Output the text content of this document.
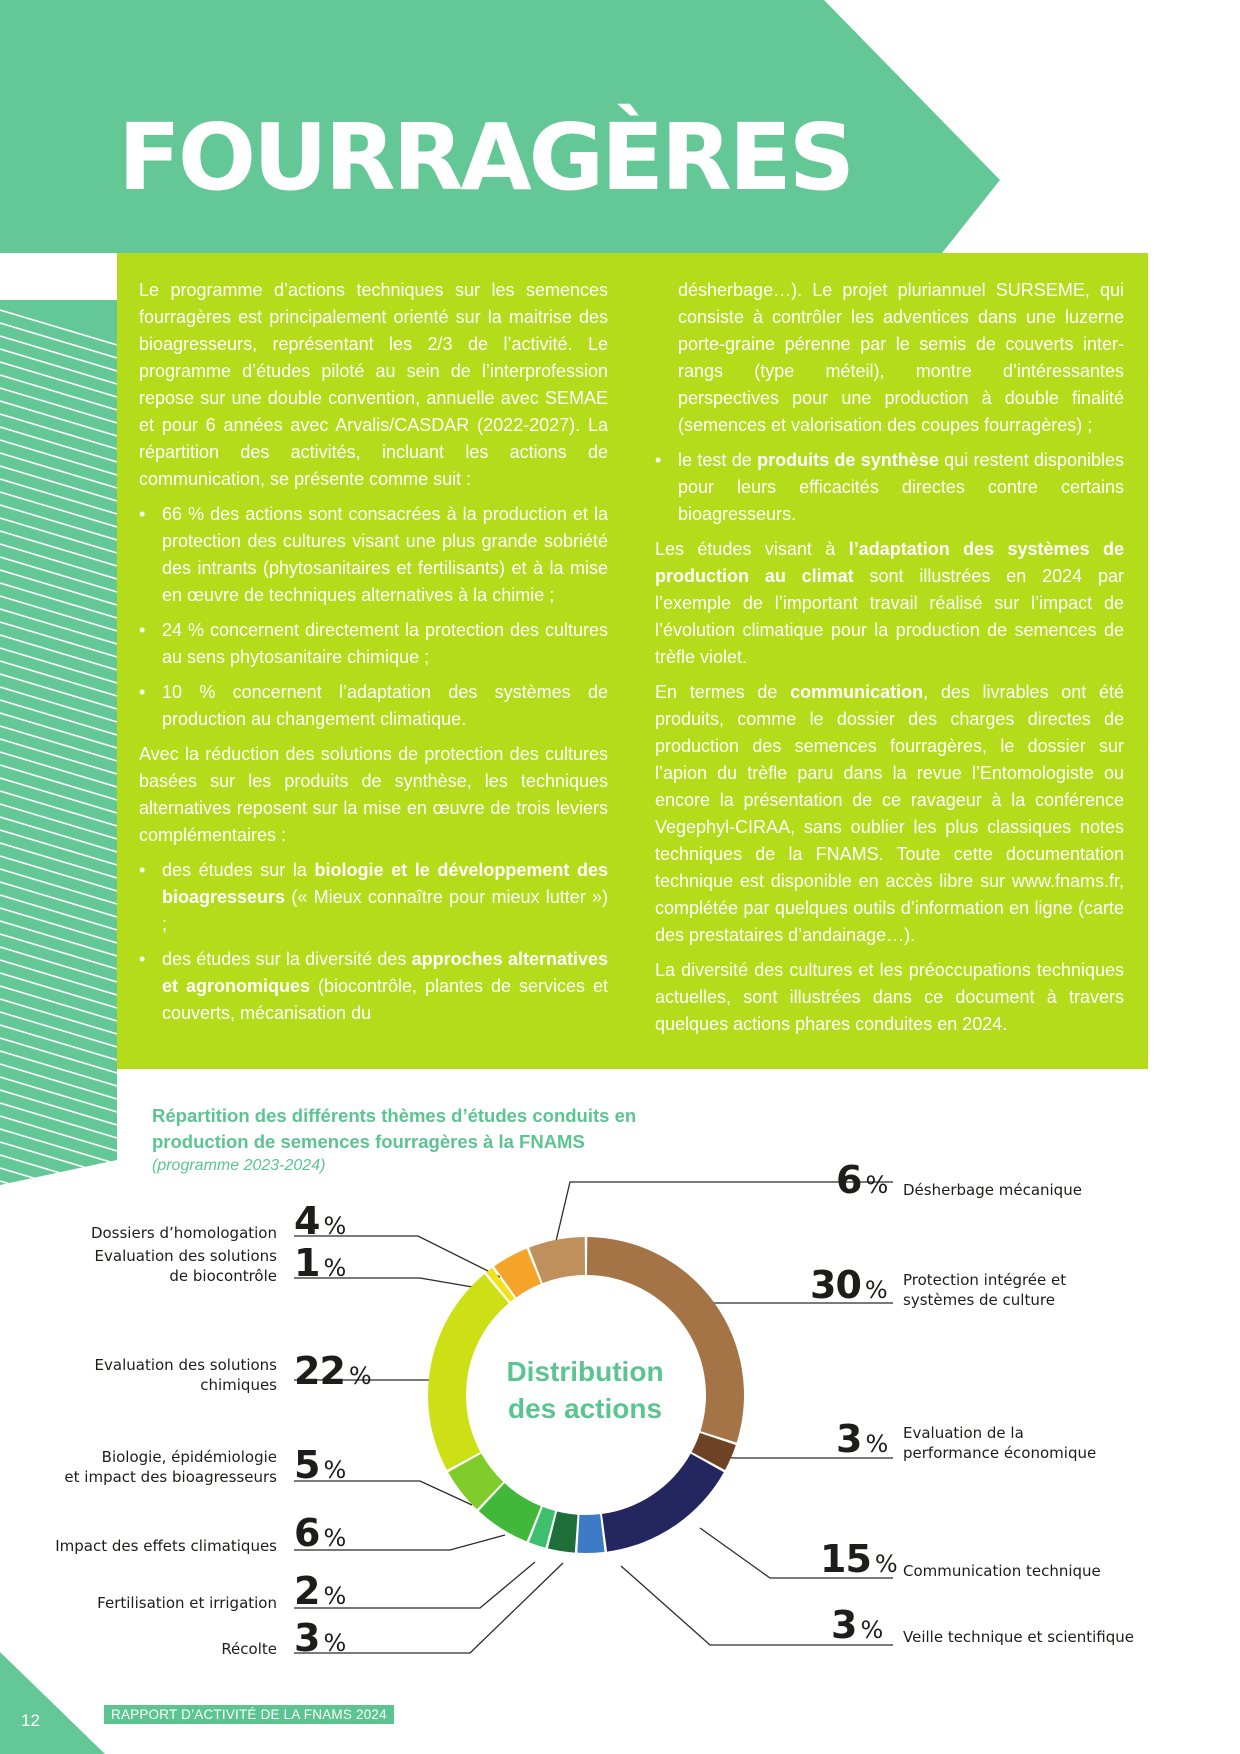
FOURRAGÈRES

Le programme d’actions techniques sur les semences fourragères est principalement orienté sur la maitrise des bioagresseurs, représentant les 2/3 de l’activité. Le programme d’études piloté au sein de l’interprofession repose sur une double convention, annuelle avec SEMAE et pour 6 années avec Arvalis/CASDAR (2022-2027). La répartition des activités, incluant les actions de communication, se présente comme suit :

• 66 % des actions sont consacrées à la production et la protection des cultures visant une plus grande sobriété des intrants (phytosanitaires et fertilisants) et à la mise en œuvre de techniques alternatives à la chimie ;
• 24 % concernent directement la protection des cultures au sens phytosanitaire chimique ;
• 10 % concernent l’adaptation des systèmes de production au changement climatique.

Avec la réduction des solutions de protection des cultures basées sur les produits de synthèse, les techniques alternatives reposent sur la mise en œuvre de trois leviers complémentaires :

• des études sur la biologie et le développement des bioagresseurs (« Mieux connaître pour mieux lutter ») ;
• des études sur la diversité des approches alternatives et agronomiques (biocontrôle, plantes de services et couverts, mécanisation du

désherbage…). Le projet pluriannuel SURSEME, qui consiste à contrôler les adventices dans une luzerne porte-graine pérenne par le semis de couverts inter-rangs (type méteil), montre d’intéressantes perspectives pour une production à double finalité (semences et valorisation des coupes fourragères) ;

• le test de produits de synthèse qui restent disponibles pour leurs efficacités directes contre certains bioagresseurs.

Les études visant à l’adaptation des systèmes de production au climat sont illustrées en 2024 par l’exemple de l’important travail réalisé sur l’impact de l’évolution climatique pour la production de semences de trèfle violet.

En termes de communication, des livrables ont été produits, comme le dossier des charges directes de production des semences fourragères, le dossier sur l’apion du trèfle paru dans la revue l’Entomologiste ou encore la présentation de ce ravageur à la conférence Vegephyl-CIRAA, sans oublier les plus classiques notes techniques de la FNAMS. Toute cette documentation technique est disponible en accès libre sur www.fnams.fr, complétée par quelques outils d’information en ligne (carte des prestataires d’andainage…).

La diversité des cultures et les préoccupations techniques actuelles, sont illustrées dans ce document à travers quelques actions phares conduites en 2024.

Répartition des différents thèmes d’études conduits en production de semences fourragères à la FNAMS
(programme 2023-2024)
Distribution
des actions
Dossiers d’homologation 4 %
Evaluation des solutions
de biocontrôle 1 %
Evaluation des solutions
chimiques 22 %
Biologie, épidémiologie
et impact des bioagresseurs 5 %
Impact des effets climatiques 6 %
Fertilisation et irrigation 2 %
Récolte 3 %
6 % Désherbage mécanique
30 % Protection intégrée et
systèmes de culture
3 % Evaluation de la
performance économique
15 % Communication technique
3 % Veille technique et scientifique
12	RAPPORT D’ACTIVITÉ DE LA FNAMS 2024
